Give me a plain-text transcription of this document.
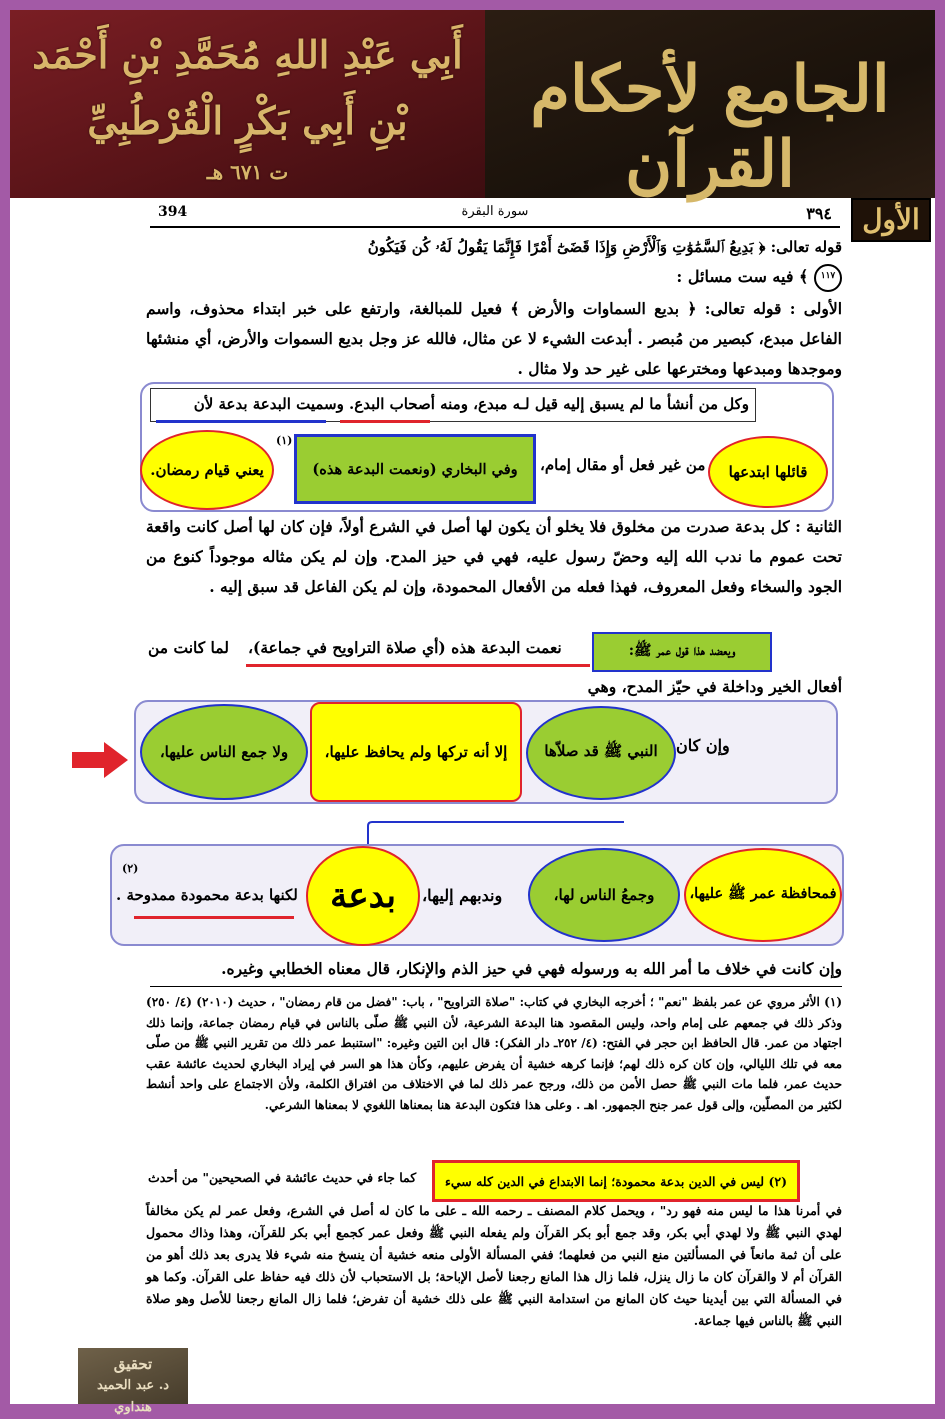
أَبِي عَبْدِ اللهِ مُحَمَّدِ بْنِ أَحْمَد
بْنِ أَبِي بَكْرٍ الْقُرْطُبِيِّ
ت ٦٧١ هـ
الجامع لأحكام القرآن
الأول
٣٩٤
سورة البقرة
394
قوله تعالى: ﴿ بَدِيعُ ٱلسَّمَٰوَٰتِ وَٱلْأَرْضِ وَإِذَا قَضَىٰٓ أَمْرًا فَإِنَّمَا يَقُولُ لَهُۥ كُن فَيَكُونُ
١١٧ ﴾ فيه ست مسائل :
الأولى : قوله تعالى: ﴿ بديع السماوات والأرض ﴾ فعيل للمبالغة، وارتفع على خبر ابتداء محذوف، واسم الفاعل مبدع، كبصير من مُبصر . أبدعت الشيء لا عن مثال، فالله عز وجل بديع السموات والأرض، أي منشئها وموجدها ومبدعها ومخترعها على غير حد ولا مثال .
وكل من أنشأ ما لم يسبق إليه قيل لـه مبدع، ومنه أصحاب البدع. وسميت البدعة بدعة لأن
قائلها ابتدعها
من غير فعل أو مقال إمام،
وفي البخاري (ونعمت البدعة هذه)
(١)
يعني قيام رمضان.
الثانية : كل بدعة صدرت من مخلوق فلا يخلو أن يكون لها أصل في الشرع أولاً، فإن كان لها أصل كانت واقعة تحت عموم ما ندب الله إليه وحضّ رسول عليه، فهي في حيز المدح. وإن لم يكن مثاله موجوداً كنوع من الجود والسخاء وفعل المعروف، فهذا فعله من الأفعال المحمودة، وإن لم يكن الفاعل قد سبق إليه .
ويعضد هذا قول عمر ﷺ:
نعمت البدعة هذه (أي صلاة التراويح في جماعة)،
لما كانت من
أفعال الخير وداخلة في حيّز المدح، وهي
وإن كان
النبي ﷺ قد صلاّها
إلا أنه تركها ولم يحافظ عليها،
ولا جمع الناس عليها،
فمحافظة عمر ﷺ عليها،
وجمعُ الناس لها،
وندبهم إليها،
بدعة
لكنها بدعة محمودة ممدوحة .
(٢)
وإن كانت في خلاف ما أمر الله به ورسوله فهي في حيز الذم والإنكار، قال معناه الخطابي وغيره.
(١) الأثر مروي عن عمر بلفظ "نعم" ؛ أخرجه البخاري في كتاب: "صلاة التراويح" ، باب: "فضل من قام رمضان" ، حديث (٢٠١٠) (٤/ ٢٥٠) وذكر ذلك في جمعهم على إمام واحد، وليس المقصود هنا البدعة الشرعية، لأن النبي ﷺ صلّى بالناس في قيام رمضان جماعة، وإنما ذلك اجتهاد من عمر. قال الحافظ ابن حجر في الفتح: (٤/ ٢٥٢ـ دار الفكر): قال ابن التين وغيره: "استنبط عمر ذلك من تقرير النبي ﷺ من صلّى معه في تلك الليالي، وإن كان كره ذلك لهم؛ فإنما كرهه خشية أن يفرض عليهم، وكأن هذا هو السر في إيراد البخاري لحديث عائشة عقب حديث عمر، فلما مات النبي ﷺ حصل الأمن من ذلك، ورجح عمر ذلك لما في الاختلاف من افتراق الكلمة، ولأن الاجتماع على واحد أنشط لكثير من المصلّين، وإلى قول عمر جنح الجمهور. اهـ . وعلى هذا فتكون البدعة هنا بمعناها اللغوي لا بمعناها الشرعي.
(٢) ليس في الدين بدعة محمودة؛ إنما الابتداع في الدين كله سيء
كما جاء في حديث عائشة في الصحيحين" من أحدث
في أمرنا هذا ما ليس منه فهو رد" ، ويحمل كلام المصنف ـ رحمه الله ـ على ما كان له أصل في الشرع، وفعل عمر لم يكن مخالفاً لهدي النبي ﷺ ولا لهدي أبي بكر، وقد جمع أبو بكر القرآن ولم يفعله النبي ﷺ وفعل عمر كجمع أبي بكر للقرآن، وهذا وذاك محمول على أن ثمة مانعاً في المسألتين منع النبي من فعلهما؛ ففي المسألة الأولى منعه خشية أن ينسخ منه شيء فلا يدرى بعد ذلك أهو من القرآن أم لا والقرآن كان ما زال ينزل، فلما زال هذا المانع رجعنا لأصل الإباحة؛ بل الاستحباب لأن ذلك فيه حفاظ على القرآن. وكما هو في المسألة التي بين أيدينا حيث كان المانع من استدامة النبي ﷺ على ذلك خشية أن تفرض؛ فلما زال المانع رجعنا للأصل وهو صلاة النبي ﷺ بالناس فيها جماعة.
تحقيق
د. عبد الحميد هنداوي
